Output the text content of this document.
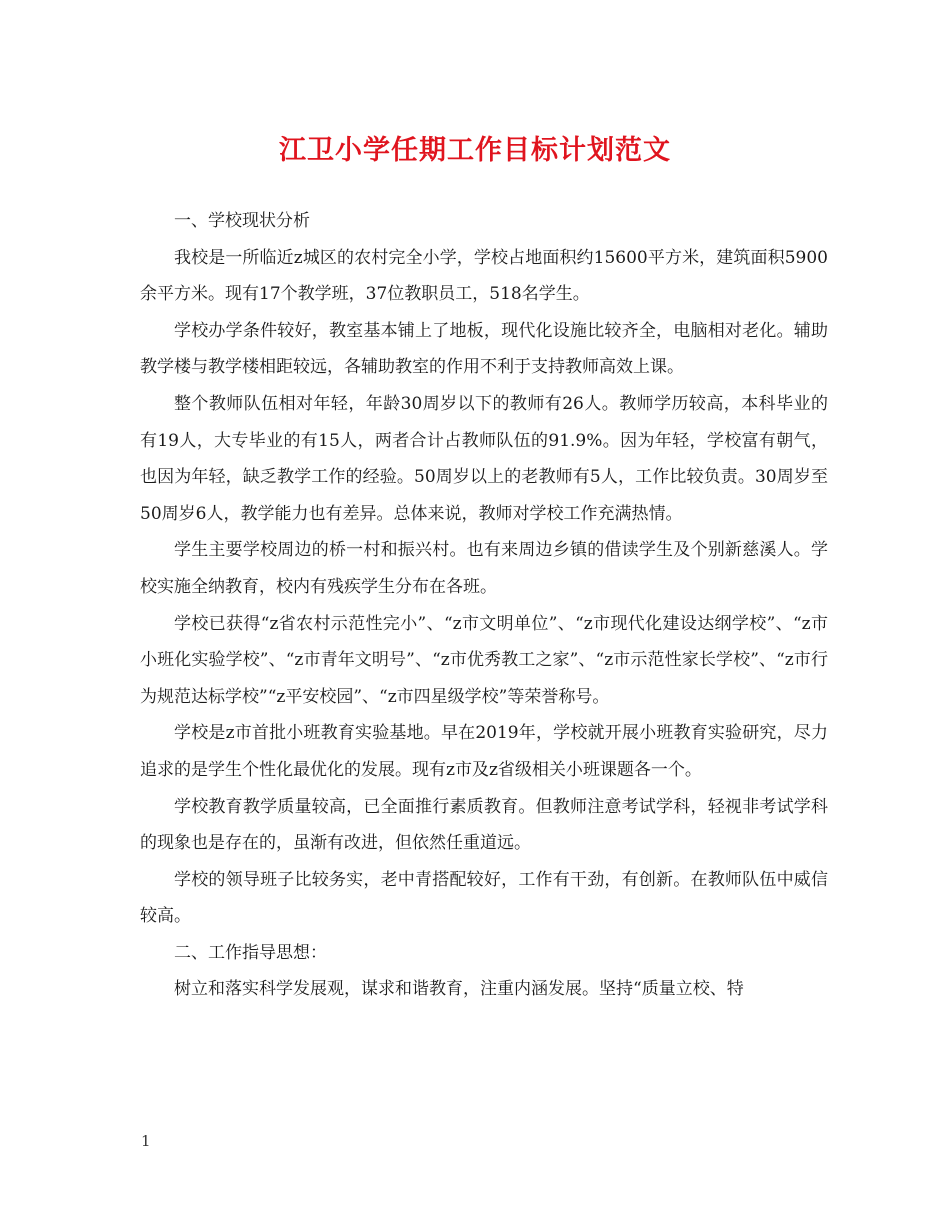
江卫小学任期工作目标计划范文

一、学校现状分析

我校是一所临近z城区的农村完全小学，学校占地面积约15600平方米，建筑面积5900余平方米。现有17个教学班，37位教职员工，518名学生。

学校办学条件较好，教室基本铺上了地板，现代化设施比较齐全，电脑相对老化。辅助教学楼与教学楼相距较远，各辅助教室的作用不利于支持教师高效上课。

整个教师队伍相对年轻，年龄30周岁以下的教师有26人。教师学历较高，本科毕业的有19人，大专毕业的有15人，两者合计占教师队伍的91.9%。因为年轻，学校富有朝气，也因为年轻，缺乏教学工作的经验。50周岁以上的老教师有5人，工作比较负责。30周岁至50周岁6人，教学能力也有差异。总体来说，教师对学校工作充满热情。

学生主要学校周边的桥一村和振兴村。也有来周边乡镇的借读学生及个别新慈溪人。学校实施全纳教育，校内有残疾学生分布在各班。

学校已获得“z省农村示范性完小”、“z市文明单位”、“z市现代化建设达纲学校”、“z市小班化实验学校”、“z市青年文明号”、“z市优秀教工之家”、“z市示范性家长学校”、“z市行为规范达标学校”“z平安校园”、“z市四星级学校”等荣誉称号。

学校是z市首批小班教育实验基地。早在2019年，学校就开展小班教育实验研究，尽力追求的是学生个性化最优化的发展。现有z市及z省级相关小班课题各一个。

学校教育教学质量较高，已全面推行素质教育。但教师注意考试学科，轻视非考试学科的现象也是存在的，虽渐有改进，但依然任重道远。

学校的领导班子比较务实，老中青搭配较好，工作有干劲，有创新。在教师队伍中威信较高。

二、工作指导思想：

树立和落实科学发展观，谋求和谐教育，注重内涵发展。坚持“质量立校、特

1
